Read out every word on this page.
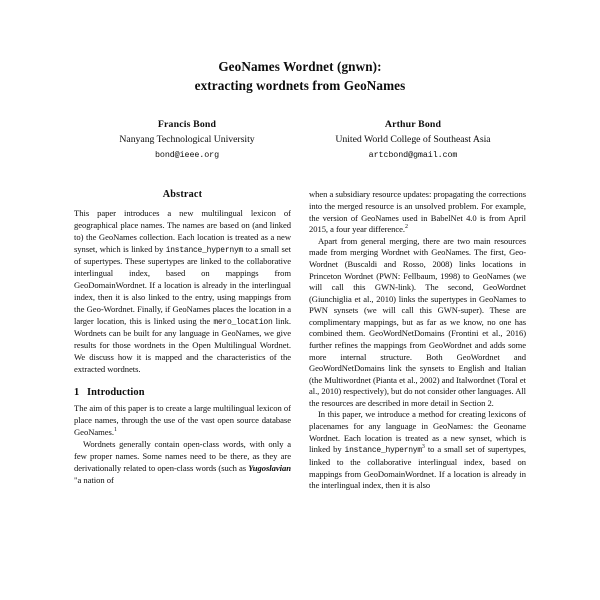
GeoNames Wordnet (gnwn):
extracting wordnets from GeoNames
Francis Bond
Nanyang Technological University
bond@ieee.org
Arthur Bond
United World College of Southeast Asia
artcbond@gmail.com
Abstract

This paper introduces a new multilingual lexicon of geographical place names. The names are based on (and linked to) the GeoNames collection. Each location is treated as a new synset, which is linked by instance_hypernym to a small set of supertypes. These supertypes are linked to the collaborative interlingual index, based on mappings from GeoDomainWordnet. If a location is already in the interlingual index, then it is also linked to the entry, using mappings from the Geo-Wordnet. Finally, if GeoNames places the location in a larger location, this is linked using the mero_location link. Wordnets can be built for any language in GeoNames, we give results for those wordnets in the Open Multilingual Wordnet. We discuss how it is mapped and the characteristics of the extracted wordnets.

1 Introduction

The aim of this paper is to create a large multilingual lexicon of place names, through the use of the vast open source database GeoNames.$^1$

Wordnets generally contain open-class words, with only a few proper names. Some names need to be there, as they are derivationally related to open-class words (such as Yugoslavian "a nation of

when a subsidiary resource updates: propagating the corrections into the merged resource is an unsolved problem. For example, the version of GeoNames used in BabelNet 4.0 is from April 2015, a four year difference.$^2$

Apart from general merging, there are two main resources made from merging Wordnet with GeoNames. The first, Geo-Wordnet (Buscaldi and Rosso, 2008) links locations in Princeton Wordnet (PWN: Fellbaum, 1998) to GeoNames (we will call this GWN-link). The second, GeoWordnet (Giunchiglia et al., 2010) links the supertypes in GeoNames to PWN synsets (we will call this GWN-super). These are complimentary mappings, but as far as we know, no one has combined them. GeoWordNetDomains (Frontini et al., 2016) further refines the mappings from GeoWordnet and adds some more internal structure. Both GeoWordnet and GeoWordNetDomains link the synsets to English and Italian (the Multiwordnet (Pianta et al., 2002) and Italwordnet (Toral et al., 2010) respectively), but do not consider other languages. All the resources are described in more detail in Section 2.

In this paper, we introduce a method for creating lexicons of placenames for any language in GeoNames: the Geoname Wordnet. Each location is treated as a new synset, which is linked by instance_hypernym$^3$ to a small set of supertypes, linked to the collaborative interlingual index, based on mappings from GeoDomainWordnet. If a location is already in the interlingual index, then it is also
